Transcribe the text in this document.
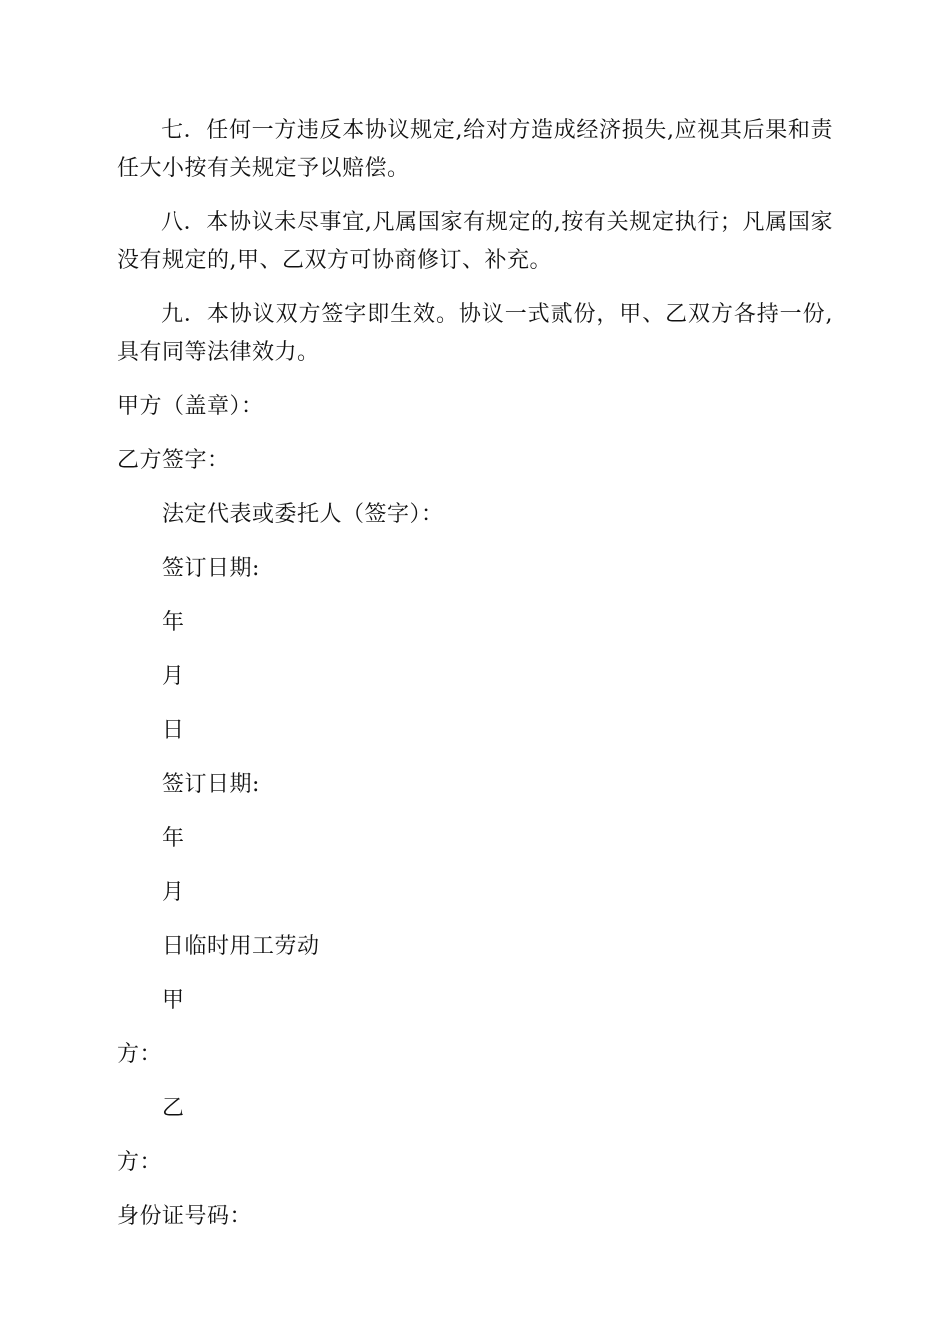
七．任何一方违反本协议规定,给对方造成经济损失,应视其后果和责任大小按有关规定予以赔偿。

八．本协议未尽事宜,凡属国家有规定的,按有关规定执行；凡属国家没有规定的,甲、乙双方可协商修订、补充。

九．本协议双方签字即生效。协议一式贰份，甲、乙双方各持一份,具有同等法律效力。

甲方（盖章）：

乙方签字：

法定代表或委托人（签字）：

签订日期:

年

月

日

签订日期:

年

月

日临时用工劳动

甲

方：

乙

方：

身份证号码：
